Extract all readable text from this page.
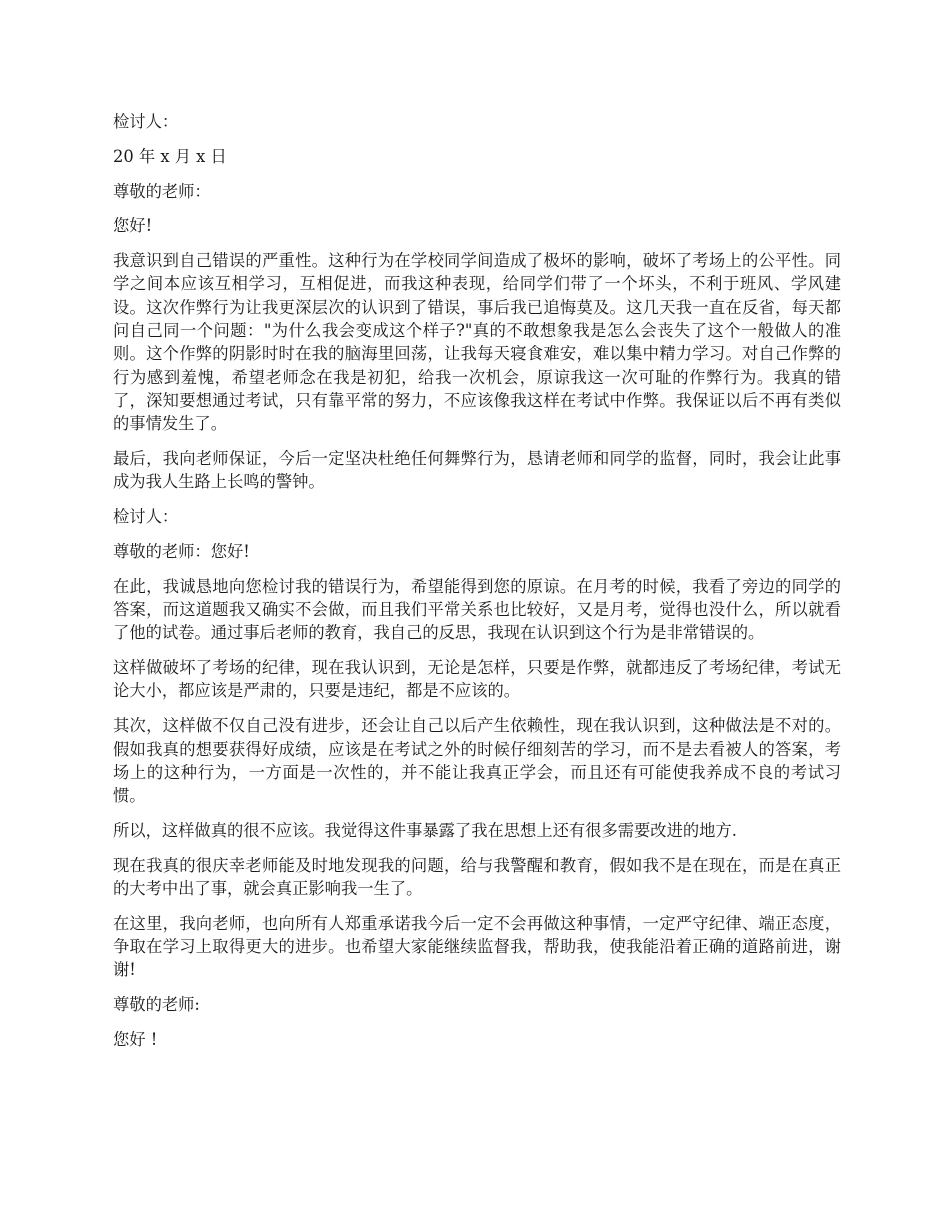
检讨人：

20 年 x 月 x 日

尊敬的老师：

您好!

我意识到自己错误的严重性。这种行为在学校同学间造成了极坏的影响，破坏了考场上的公平性。同学之间本应该互相学习，互相促进，而我这种表现，给同学们带了一个坏头，不利于班风、学风建设。这次作弊行为让我更深层次的认识到了错误，事后我已追悔莫及。这几天我一直在反省，每天都问自己同一个问题："为什么我会变成这个样子?"真的不敢想象我是怎么会丧失了这个一般做人的准则。这个作弊的阴影时时在我的脑海里回荡，让我每天寝食难安，难以集中精力学习。对自己作弊的行为感到羞愧，希望老师念在我是初犯，给我一次机会，原谅我这一次可耻的作弊行为。我真的错了，深知要想通过考试，只有靠平常的努力，不应该像我这样在考试中作弊。我保证以后不再有类似的事情发生了。

最后，我向老师保证，今后一定坚决杜绝任何舞弊行为，恳请老师和同学的监督，同时，我会让此事成为我人生路上长鸣的警钟。

检讨人：

尊敬的老师：您好!

在此，我诚恳地向您检讨我的错误行为，希望能得到您的原谅。在月考的时候，我看了旁边的同学的答案，而这道题我又确实不会做，而且我们平常关系也比较好，又是月考，觉得也没什么，所以就看了他的试卷。通过事后老师的教育，我自己的反思，我现在认识到这个行为是非常错误的。

这样做破坏了考场的纪律，现在我认识到，无论是怎样，只要是作弊，就都违反了考场纪律，考试无论大小，都应该是严肃的，只要是违纪，都是不应该的。

其次，这样做不仅自己没有进步，还会让自己以后产生依赖性，现在我认识到，这种做法是不对的。假如我真的想要获得好成绩，应该是在考试之外的时候仔细刻苦的学习，而不是去看被人的答案，考场上的这种行为，一方面是一次性的，并不能让我真正学会，而且还有可能使我养成不良的考试习惯。

所以，这样做真的很不应该。我觉得这件事暴露了我在思想上还有很多需要改进的地方.

现在我真的很庆幸老师能及时地发现我的问题，给与我警醒和教育，假如我不是在现在，而是在真正的大考中出了事，就会真正影响我一生了。

在这里，我向老师，也向所有人郑重承诺我今后一定不会再做这种事情，一定严守纪律、端正态度，争取在学习上取得更大的进步。也希望大家能继续监督我，帮助我，使我能沿着正确的道路前进，谢谢!

尊敬的老师:

您好 !
